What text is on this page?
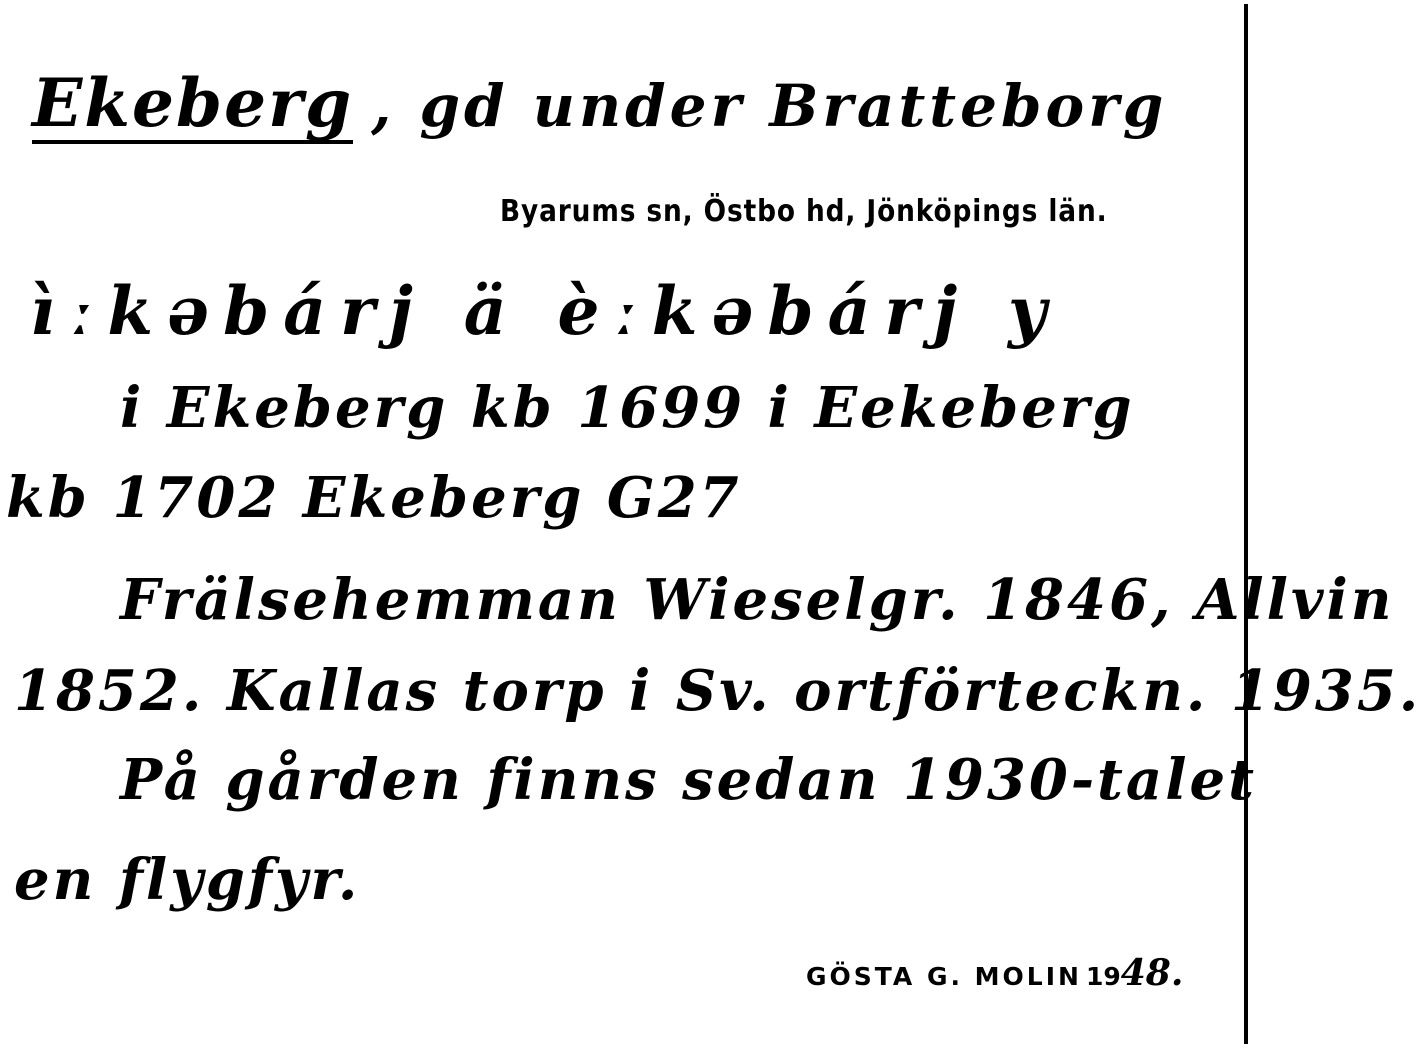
Ekeberg , gd under Bratteborg
Byarums sn, Östbo hd, Jönköpings län.
ìːkəbárj ä èːkəbárj y
i Ekeberg kb 1699 i Eekeberg
kb 1702 Ekeberg G27
Frälsehemman Wieselgr. 1846, Allvin
1852. Kallas torp i Sv. ortförteckn. 1935.
På gården finns sedan 1930-talet
en flygfyr.
GÖSTA G. MOLIN 1948.
